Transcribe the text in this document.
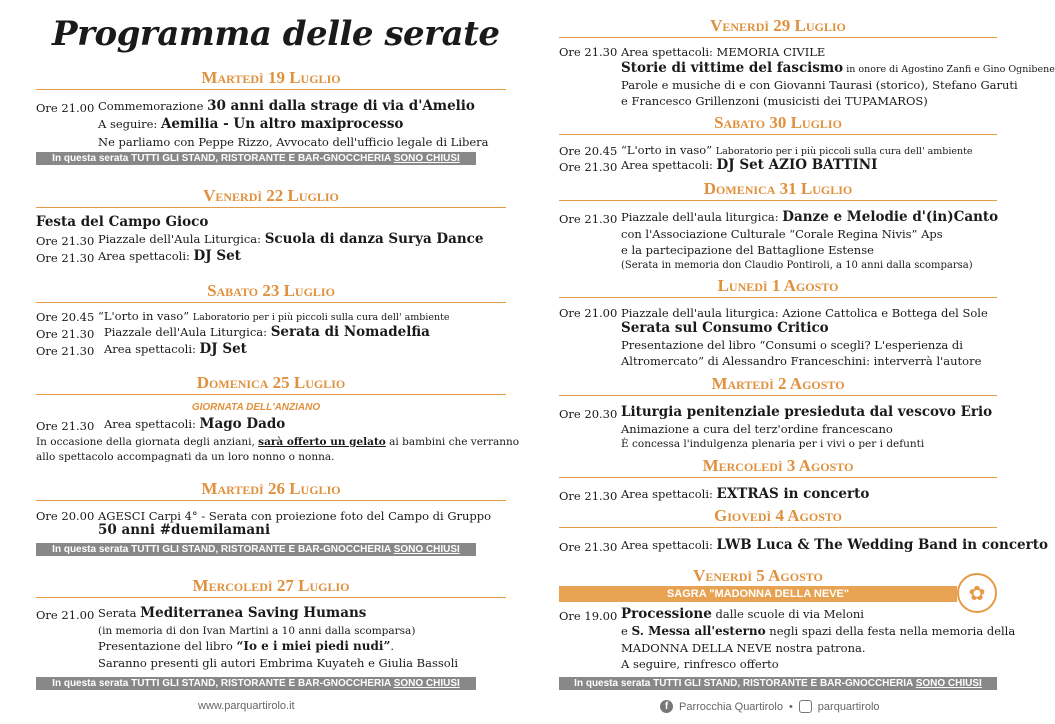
Programma delle serate
Martedì 19 Luglio
Ore 21.00 Commemorazione 30 anni dalla strage di via d'Amelio
A seguire: Aemilia - Un altro maxiprocesso
Ne parliamo con Peppe Rizzo, Avvocato dell'ufficio legale di Libera
In questa serata TUTTI GLI STAND, RISTORANTE E BAR-GNOCCHERIA SONO CHIUSI
Venerdì 22 Luglio
Festa del Campo Gioco
Ore 21.30 Piazzale dell'Aula Liturgica: Scuola di danza Surya Dance
Ore 21.30 Area spettacoli: DJ Set
Sabato 23 Luglio
Ore 20.45 “L'orto in vaso” Laboratorio per i più piccoli sulla cura dell' ambiente
Ore 21.30 Piazzale dell'Aula Liturgica: Serata di Nomadelfia
Ore 21.30 Area spettacoli: DJ Set
Domenica 25 Luglio
GIORNATA DELL'ANZIANO
Ore 21.30 Area spettacoli: Mago Dado
In occasione della giornata degli anziani, sarà offerto un gelato ai bambini che verranno
allo spettacolo accompagnati da un loro nonno o nonna.
Martedì 26 Luglio
Ore 20.00 AGESCI Carpi 4° - Serata con proiezione foto del Campo di Gruppo
50 anni #duemilamani
In questa serata TUTTI GLI STAND, RISTORANTE E BAR-GNOCCHERIA SONO CHIUSI
Mercoledì 27 Luglio
Ore 21.00 Serata Mediterranea Saving Humans
(in memoria di don Ivan Martini a 10 anni dalla scomparsa)
Presentazione del libro “Io e i miei piedi nudi”.
Saranno presenti gli autori Embrima Kuyateh e Giulia Bassoli
In questa serata TUTTI GLI STAND, RISTORANTE E BAR-GNOCCHERIA SONO CHIUSI
Venerdì 29 Luglio
Ore 21.30 Area spettacoli: MEMORIA CIVILE
Storie di vittime del fascismo in onore di Agostino Zanfi e Gino Ognibene
Parole e musiche di e con Giovanni Taurasi (storico), Stefano Garuti
e Francesco Grillenzoni (musicisti dei TUPAMAROS)
Sabato 30 Luglio
Ore 20.45 “L'orto in vaso” Laboratorio per i più piccoli sulla cura dell' ambiente
Ore 21.30 Area spettacoli: DJ Set AZIO BATTINI
Domenica 31 Luglio
Ore 21.30 Piazzale dell'aula liturgica: Danze e Melodie d'(in)Canto
con l'Associazione Culturale “Corale Regina Nivis” Aps
e la partecipazione del Battaglione Estense
(Serata in memoria don Claudio Pontiroli, a 10 anni dalla scomparsa)
Lunedì 1 Agosto
Ore 21.00 Piazzale dell'aula liturgica: Azione Cattolica e Bottega del Sole
Serata sul Consumo Critico
Presentazione del libro “Consumi o scegli? L'esperienza di
Altromercato” di Alessandro Franceschini: interverrà l'autore
Martedì 2 Agosto
Ore 20.30 Liturgia penitenziale presieduta dal vescovo Erio
Animazione a cura del terz'ordine francescano
È concessa l'indulgenza plenaria per i vivi o per i defunti
Mercoledì 3 Agosto
Ore 21.30 Area spettacoli: EXTRAS in concerto
Giovedì 4 Agosto
Ore 21.30 Area spettacoli: LWB Luca & The Wedding Band in concerto
Venerdì 5 Agosto
SAGRA "MADONNA DELLA NEVE"	✿
Ore 19.00 Processione dalle scuole di via Meloni
e S. Messa all'esterno negli spazi della festa nella memoria della
MADONNA DELLA NEVE nostra patrona.
A seguire, rinfresco offerto
In questa serata TUTTI GLI STAND, RISTORANTE E BAR-GNOCCHERIA SONO CHIUSI
www.parquartirolo.it	f Parrocchia Quartirolo • parquartirolo
